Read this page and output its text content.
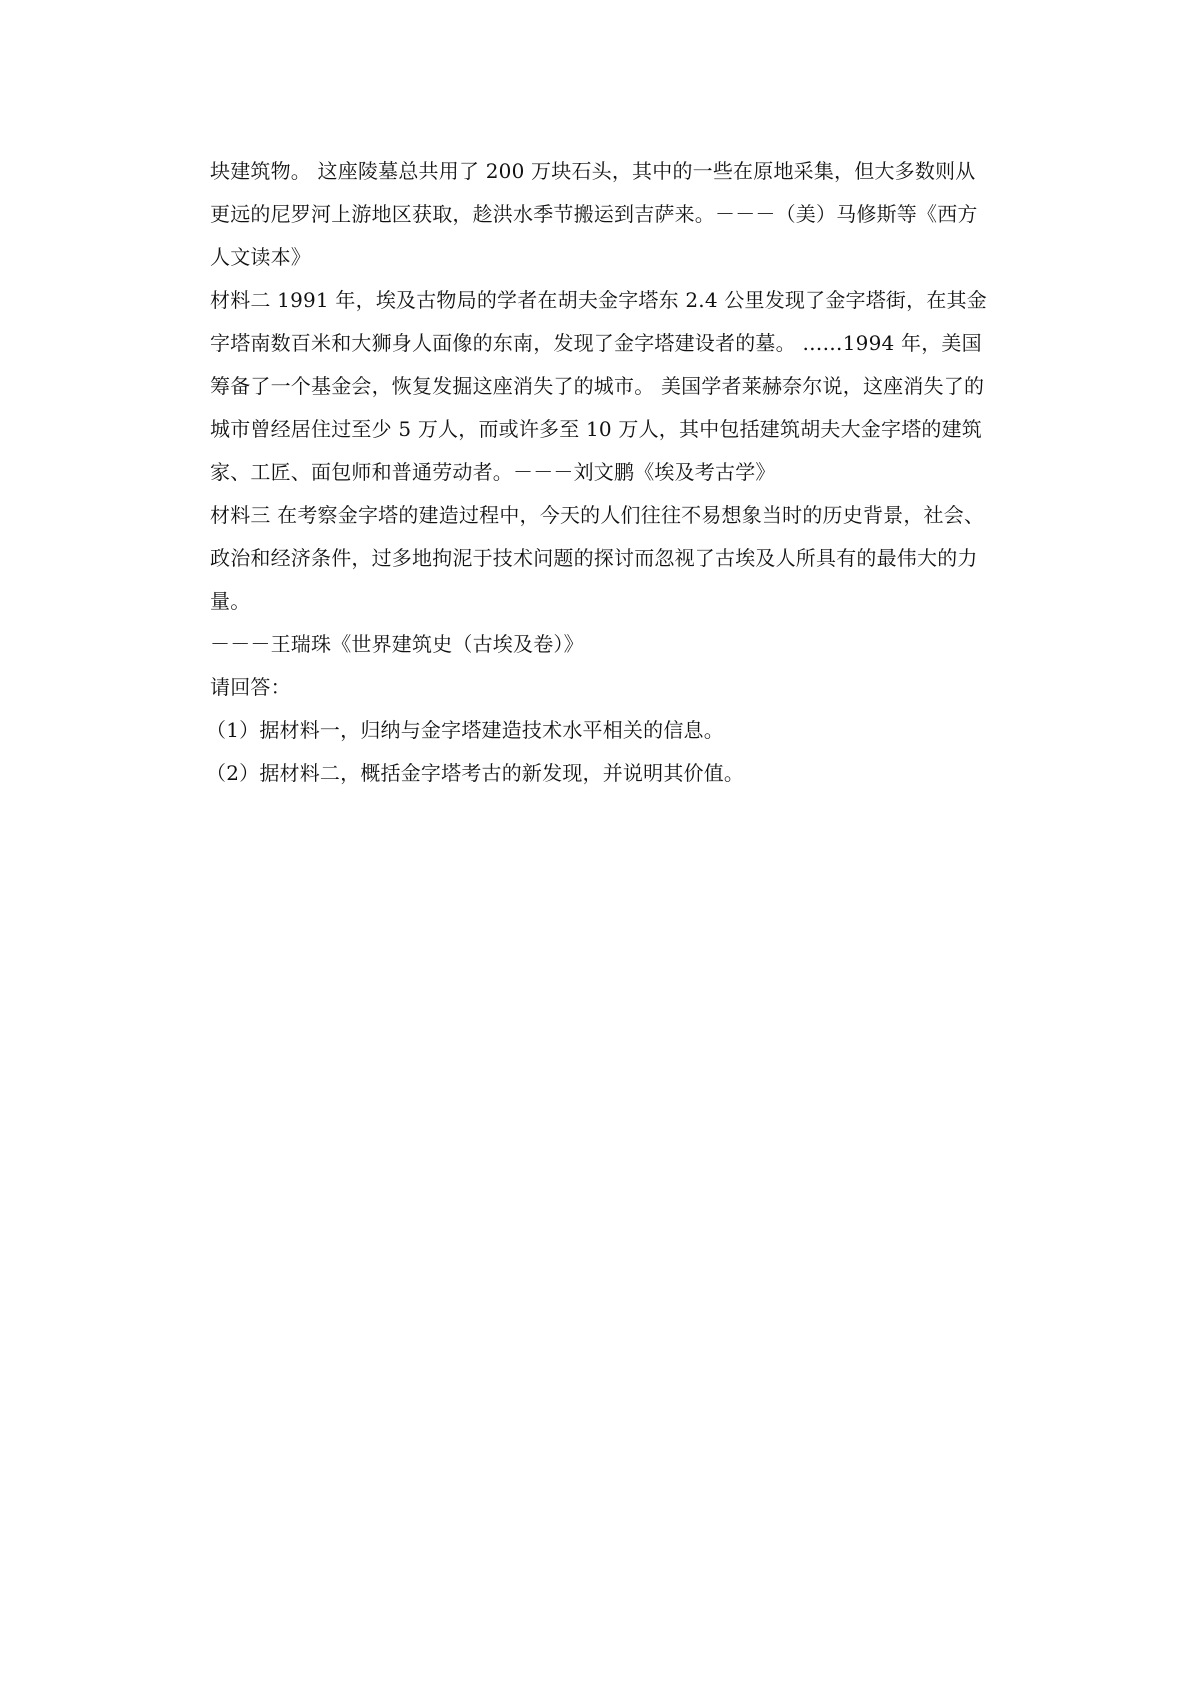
块建筑物。 这座陵墓总共用了 200 万块石头，其中的一些在原地采集，但大多数则从
更远的尼罗河上游地区获取，趁洪水季节搬运到吉萨来。－－－（美）马修斯等《西方
人文读本》

材料二 1991 年，埃及古物局的学者在胡夫金字塔东 2.4 公里发现了金字塔街，在其金
字塔南数百米和大狮身人面像的东南，发现了金字塔建设者的墓。 ……1994 年，美国
筹备了一个基金会，恢复发掘这座消失了的城市。 美国学者莱赫奈尔说，这座消失了的
城市曾经居住过至少 5 万人，而或许多至 10 万人，其中包括建筑胡夫大金字塔的建筑
家、工匠、面包师和普通劳动者。－－－刘文鹏《埃及考古学》

材料三 在考察金字塔的建造过程中，今天的人们往往不易想象当时的历史背景，社会、
政治和经济条件，过多地拘泥于技术问题的探讨而忽视了古埃及人所具有的最伟大的力
量。

－－－王瑞珠《世界建筑史（古埃及卷）》

请回答：

（1）据材料一，归纳与金字塔建造技术水平相关的信息。

（2）据材料二，概括金字塔考古的新发现，并说明其价值。
